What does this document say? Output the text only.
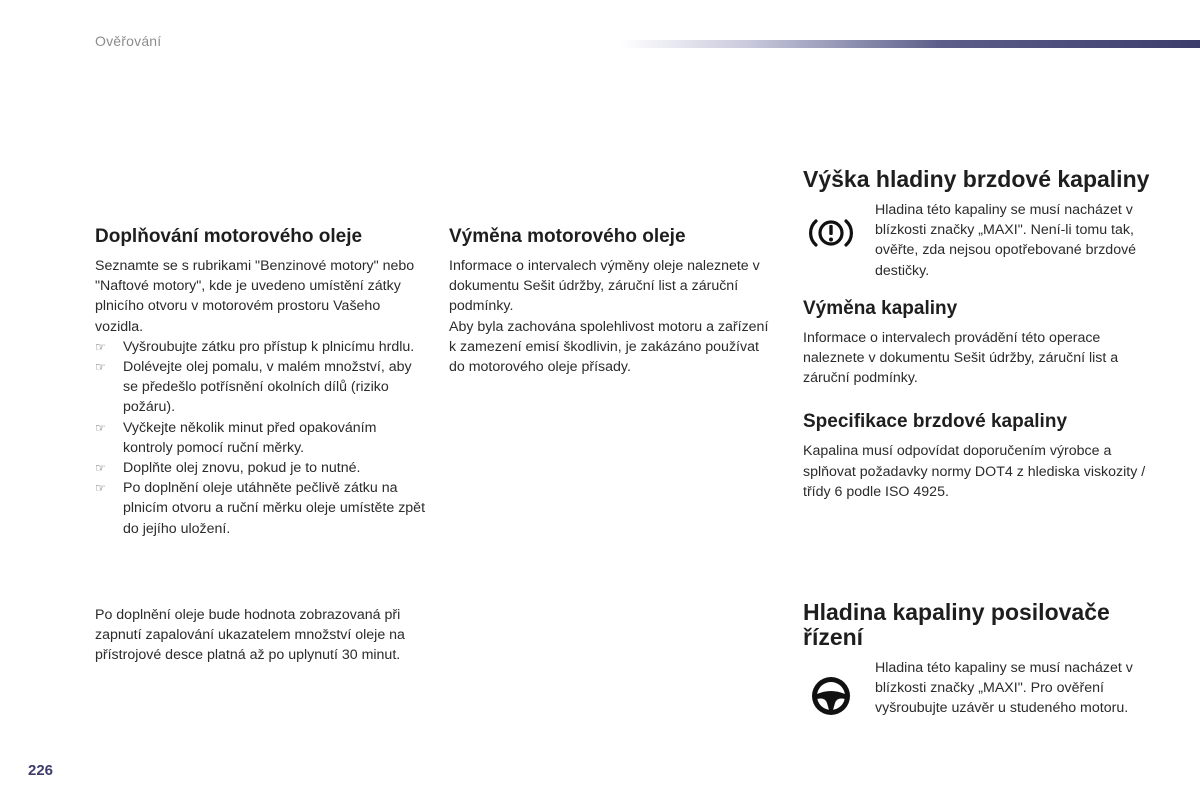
Ověřování
Doplňování motorového oleje

Seznamte se s rubrikami "Benzinové motory" nebo "Naftové motory", kde je uvedeno umístění zátky plnicího otvoru v motorovém prostoru Vašeho vozidla.

☞ Vyšroubujte zátku pro přístup k plnicímu hrdlu.
☞ Dolévejte olej pomalu, v malém množství, aby se předešlo potřísnění okolních dílů (riziko požáru).
☞ Vyčkejte několik minut před opakováním kontroly pomocí ruční měrky.
☞ Doplňte olej znovu, pokud je to nutné.
☞ Po doplnění oleje utáhněte pečlivě zátku na plnicím otvoru a ruční měrku oleje umístěte zpět do jejího uložení.

Po doplnění oleje bude hodnota zobrazovaná při zapnutí zapalování ukazatelem množství oleje na přístrojové desce platná až po uplynutí 30 minut.

Výměna motorového oleje

Informace o intervalech výměny oleje naleznete v dokumentu Sešit údržby, záruční list a záruční podmínky.

Aby byla zachována spolehlivost motoru a zařízení k zamezení emisí škodlivin, je zakázáno používat do motorového oleje přísady.

Výška hladiny brzdové kapaliny

Hladina této kapaliny se musí nacházet v blízkosti značky „MAXI". Není-li tomu tak, ověřte, zda nejsou opotřebované brzdové destičky.

Výměna kapaliny

Informace o intervalech provádění této operace naleznete v dokumentu Sešit údržby, záruční list a záruční podmínky.

Specifikace brzdové kapaliny

Kapalina musí odpovídat doporučením výrobce a splňovat požadavky normy DOT4 z hlediska viskozity / třídy 6 podle ISO 4925.

Hladina kapaliny posilovače řízení

Hladina této kapaliny se musí nacházet v blízkosti značky „MAXI". Pro ověření vyšroubujte uzávěr u studeného motoru.

226
